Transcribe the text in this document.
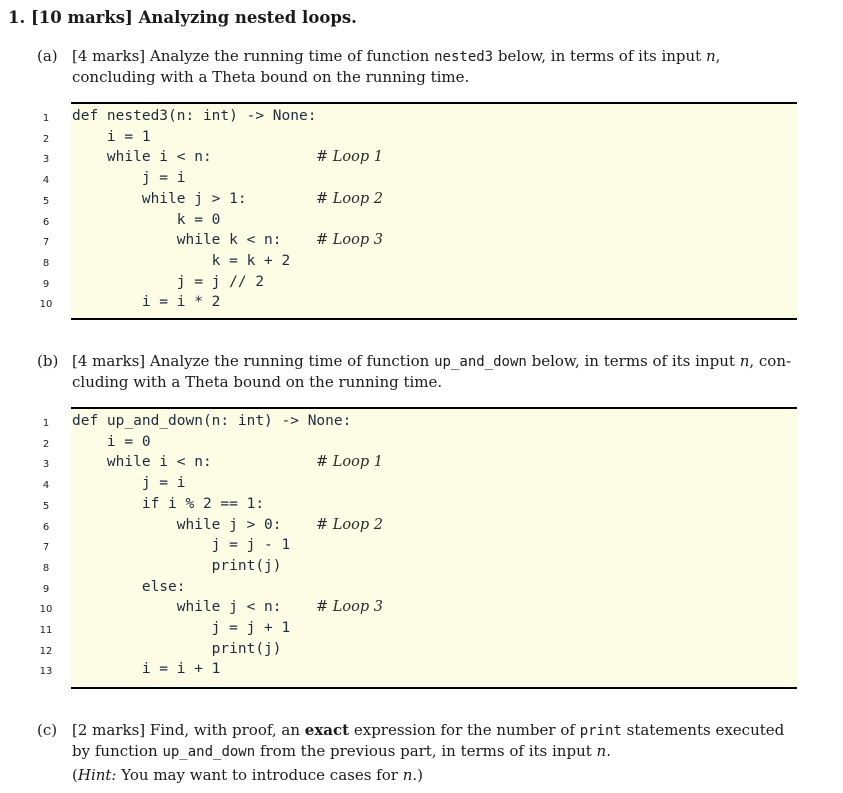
1. [10 marks] Analyzing nested loops.
(a) [4 marks] Analyze the running time of function nested3 below, in terms of its input n, concluding with a Theta bound on the running time.
1	def nested3(n: int) -> None:
2	i = 1
3	while i < n:	# Loop 1
4	j = i
5	while j > 1:	# Loop 2
6	k = 0
7	while k < n: # Loop 3
8	k = k + 2
9	j = j // 2
10 i = i * 2
(b) [4 marks] Analyze the running time of function up_and_down below, in terms of its input n, con- cluding with a Theta bound on the running time.
1	def up_and_down(n: int) -> None:
2	i = 0
3	while i < n:	# Loop 1
4	j = i
5	if i % 2 == 1:
6	while j > 0: # Loop 2
7	j = j - 1
8	print(j)
9	else:
10 while j < n: # Loop 3
11 j = j + 1
12 print(j)
13 i = i + 1
(c) [2 marks] Find, with proof, an exact expression for the number of print statements executed by function up_and_down from the previous part, in terms of its input n.
(Hint: You may want to introduce cases for n.)
